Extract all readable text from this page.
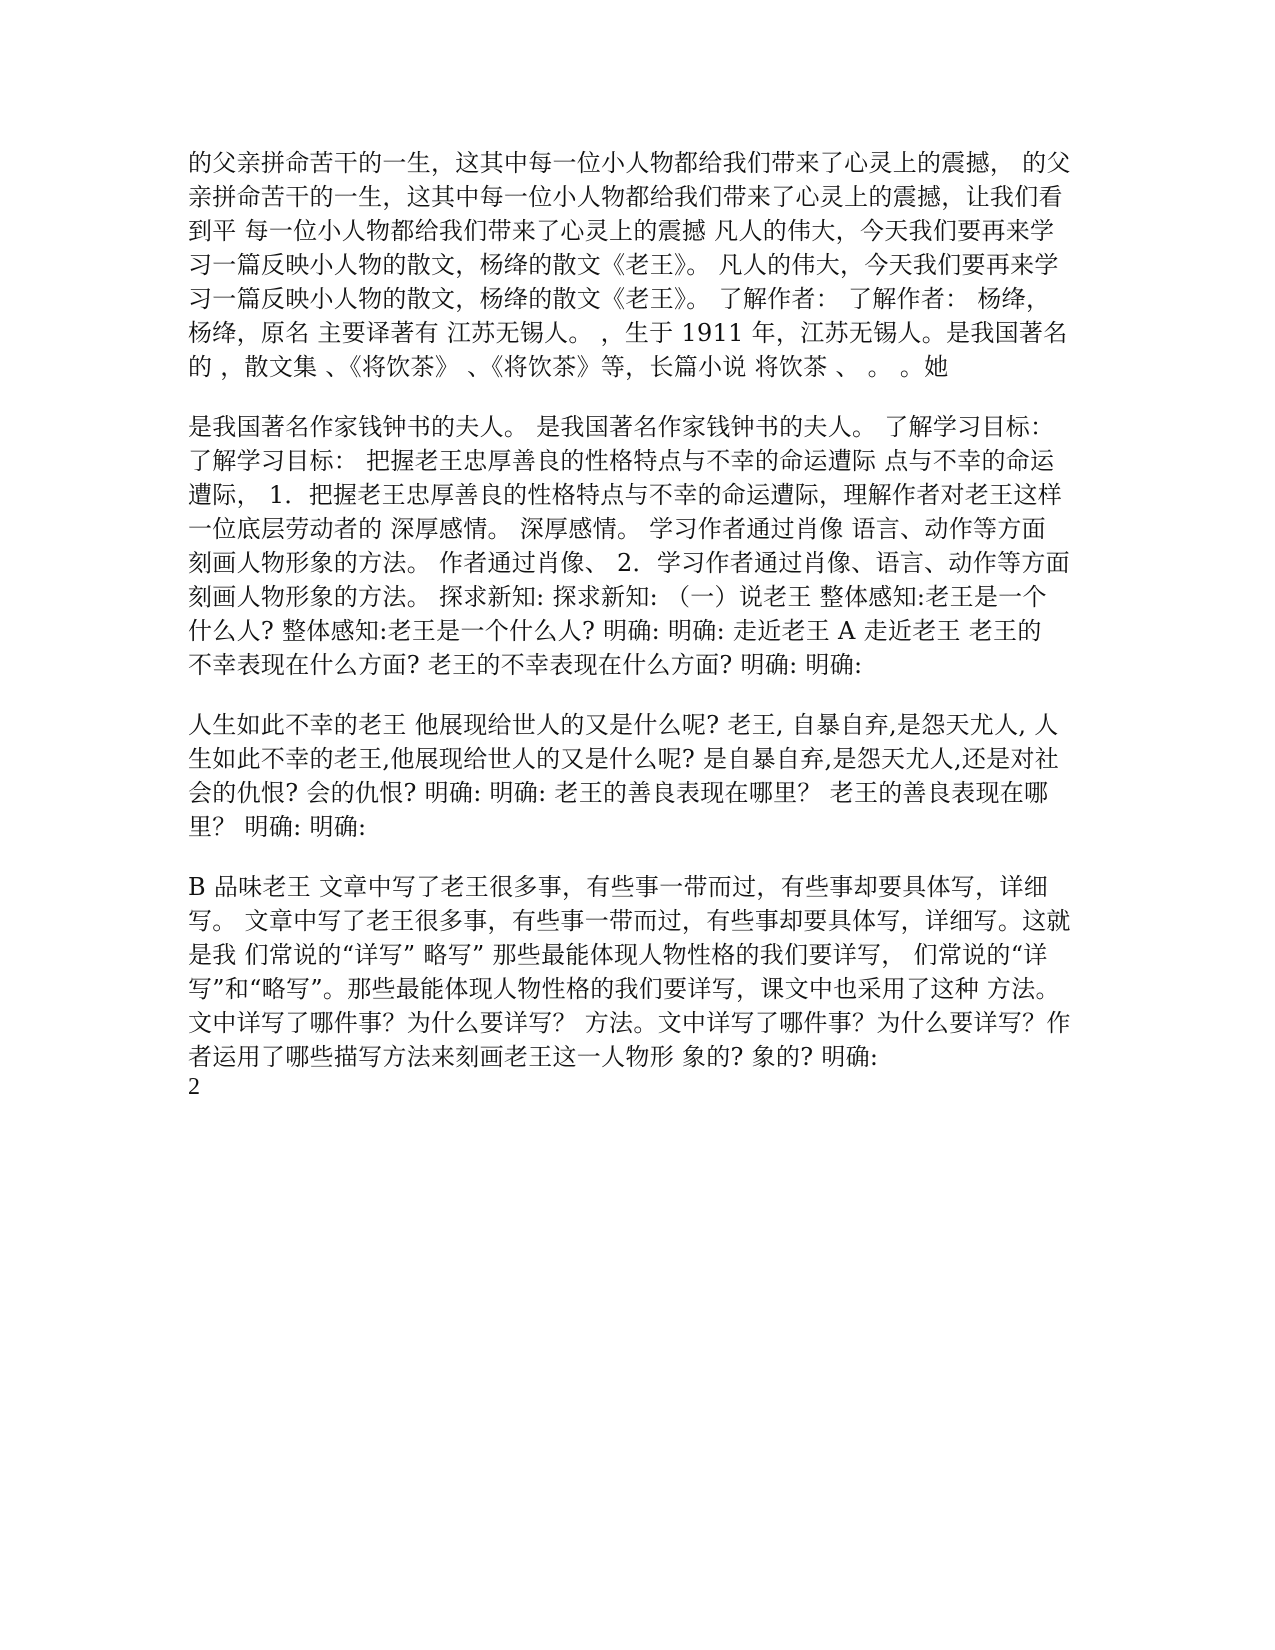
的父亲拼命苦干的一生，这其中每一位小人物都给我们带来了心灵上的震撼， 的父
亲拼命苦干的一生，这其中每一位小人物都给我们带来了心灵上的震撼，让我们看
到平 每一位小人物都给我们带来了心灵上的震撼 凡人的伟大，今天我们要再来学
习一篇反映小人物的散文，杨绛的散文《老王》。 凡人的伟大，今天我们要再来学
习一篇反映小人物的散文，杨绛的散文《老王》。 了解作者： 了解作者： 杨绛，
杨绛，原名 主要译著有 江苏无锡人。 ，生于 1911 年，江苏无锡人。是我国著名
的 ，散文集 、《将饮茶》 、《将饮茶》等，长篇小说 将饮茶 、 。 。她

是我国著名作家钱钟书的夫人。 是我国著名作家钱钟书的夫人。 了解学习目标：
了解学习目标： 把握老王忠厚善良的性格特点与不幸的命运遭际 点与不幸的命运
遭际， 1．把握老王忠厚善良的性格特点与不幸的命运遭际，理解作者对老王这样
一位底层劳动者的 深厚感情。 深厚感情。 学习作者通过肖像 语言、动作等方面
刻画人物形象的方法。 作者通过肖像、 2．学习作者通过肖像、语言、动作等方面
刻画人物形象的方法。 探求新知: 探求新知: （一）说老王 整体感知:老王是一个
什么人? 整体感知:老王是一个什么人? 明确: 明确: 走近老王 A 走近老王 老王的
不幸表现在什么方面? 老王的不幸表现在什么方面? 明确: 明确:

人生如此不幸的老王 他展现给世人的又是什么呢? 老王, 自暴自弃,是怨天尤人, 人
生如此不幸的老王,他展现给世人的又是什么呢? 是自暴自弃,是怨天尤人,还是对社
会的仇恨? 会的仇恨? 明确: 明确: 老王的善良表现在哪里？ 老王的善良表现在哪
里？ 明确: 明确:

B 品味老王 文章中写了老王很多事，有些事一带而过，有些事却要具体写，详细
写。 文章中写了老王很多事，有些事一带而过，有些事却要具体写，详细写。这就
是我 们常说的“详写” 略写” 那些最能体现人物性格的我们要详写， 们常说的“详
写”和“略写”。那些最能体现人物性格的我们要详写，课文中也采用了这种 方法。
文中详写了哪件事？为什么要详写？ 方法。文中详写了哪件事？为什么要详写？作
者运用了哪些描写方法来刻画老王这一人物形 象的? 象的? 明确:

2
